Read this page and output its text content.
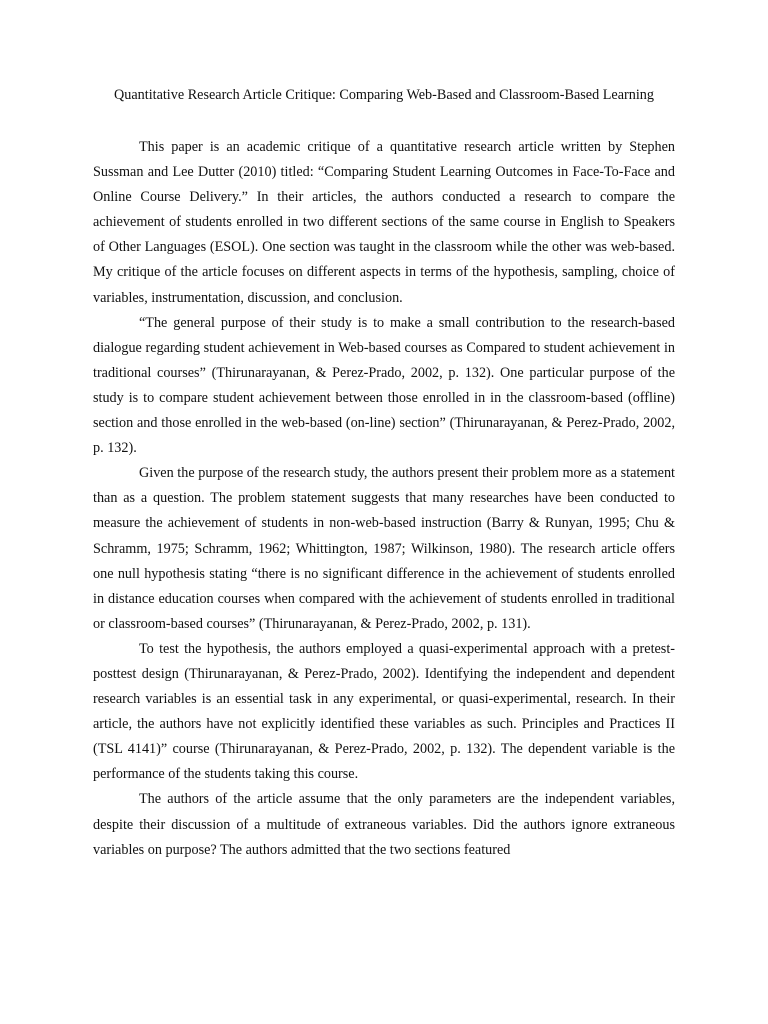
Quantitative Research Article Critique: Comparing Web-Based and Classroom-Based Learning

This paper is an academic critique of a quantitative research article written by Stephen Sussman and Lee Dutter (2010) titled: “Comparing Student Learning Outcomes in Face-To-Face and Online Course Delivery.” In their articles, the authors conducted a research to compare the achievement of students enrolled in two different sections of the same course in English to Speakers of Other Languages (ESOL). One section was taught in the classroom while the other was web-based. My critique of the article focuses on different aspects in terms of the hypothesis, sampling, choice of variables, instrumentation, discussion, and conclusion.

“The general purpose of their study is to make a small contribution to the research-based dialogue regarding student achievement in Web-based courses as Compared to student achievement in traditional courses” (Thirunarayanan, & Perez-Prado, 2002, p. 132). One particular purpose of the study is to compare student achievement between those enrolled in in the classroom-based (offline) section and those enrolled in the web-based (on-line) section” (Thirunarayanan, & Perez-Prado, 2002, p. 132).

Given the purpose of the research study, the authors present their problem more as a statement than as a question. The problem statement suggests that many researches have been conducted to measure the achievement of students in non-web-based instruction (Barry & Runyan, 1995; Chu & Schramm, 1975; Schramm, 1962; Whittington, 1987; Wilkinson, 1980). The research article offers one null hypothesis stating “there is no significant difference in the achievement of students enrolled in distance education courses when compared with the achievement of students enrolled in traditional or classroom-based courses” (Thirunarayanan, & Perez-Prado, 2002, p. 131).

To test the hypothesis, the authors employed a quasi-experimental approach with a pretest-posttest design (Thirunarayanan, & Perez-Prado, 2002). Identifying the independent and dependent research variables is an essential task in any experimental, or quasi-experimental, research. In their article, the authors have not explicitly identified these variables as such. Principles and Practices II (TSL 4141)” course (Thirunarayanan, & Perez-Prado, 2002, p. 132). The dependent variable is the performance of the students taking this course.

The authors of the article assume that the only parameters are the independent variables, despite their discussion of a multitude of extraneous variables. Did the authors ignore extraneous variables on purpose? The authors admitted that the two sections featured
